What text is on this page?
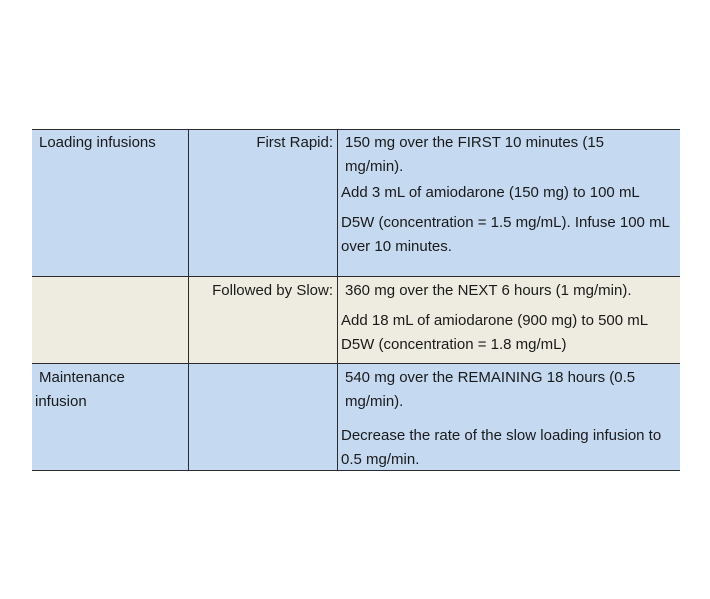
Loading infusions	First Rapid: 150 mg over the FIRST 10 minutes (15 mg/min).
Add 3 mL of amiodarone (150 mg) to 100 mL
D5W (concentration = 1.5 mg/mL). Infuse 100 mL over 10 minutes.
Followed by Slow: 360 mg over the NEXT 6 hours (1 mg/min).
Add 18 mL of amiodarone (900 mg) to 500 mL D5W (concentration = 1.8 mg/mL)
Maintenance infusion
540 mg over the REMAINING 18 hours (0.5 mg/min).
Decrease the rate of the slow loading infusion to 0.5 mg/min.
